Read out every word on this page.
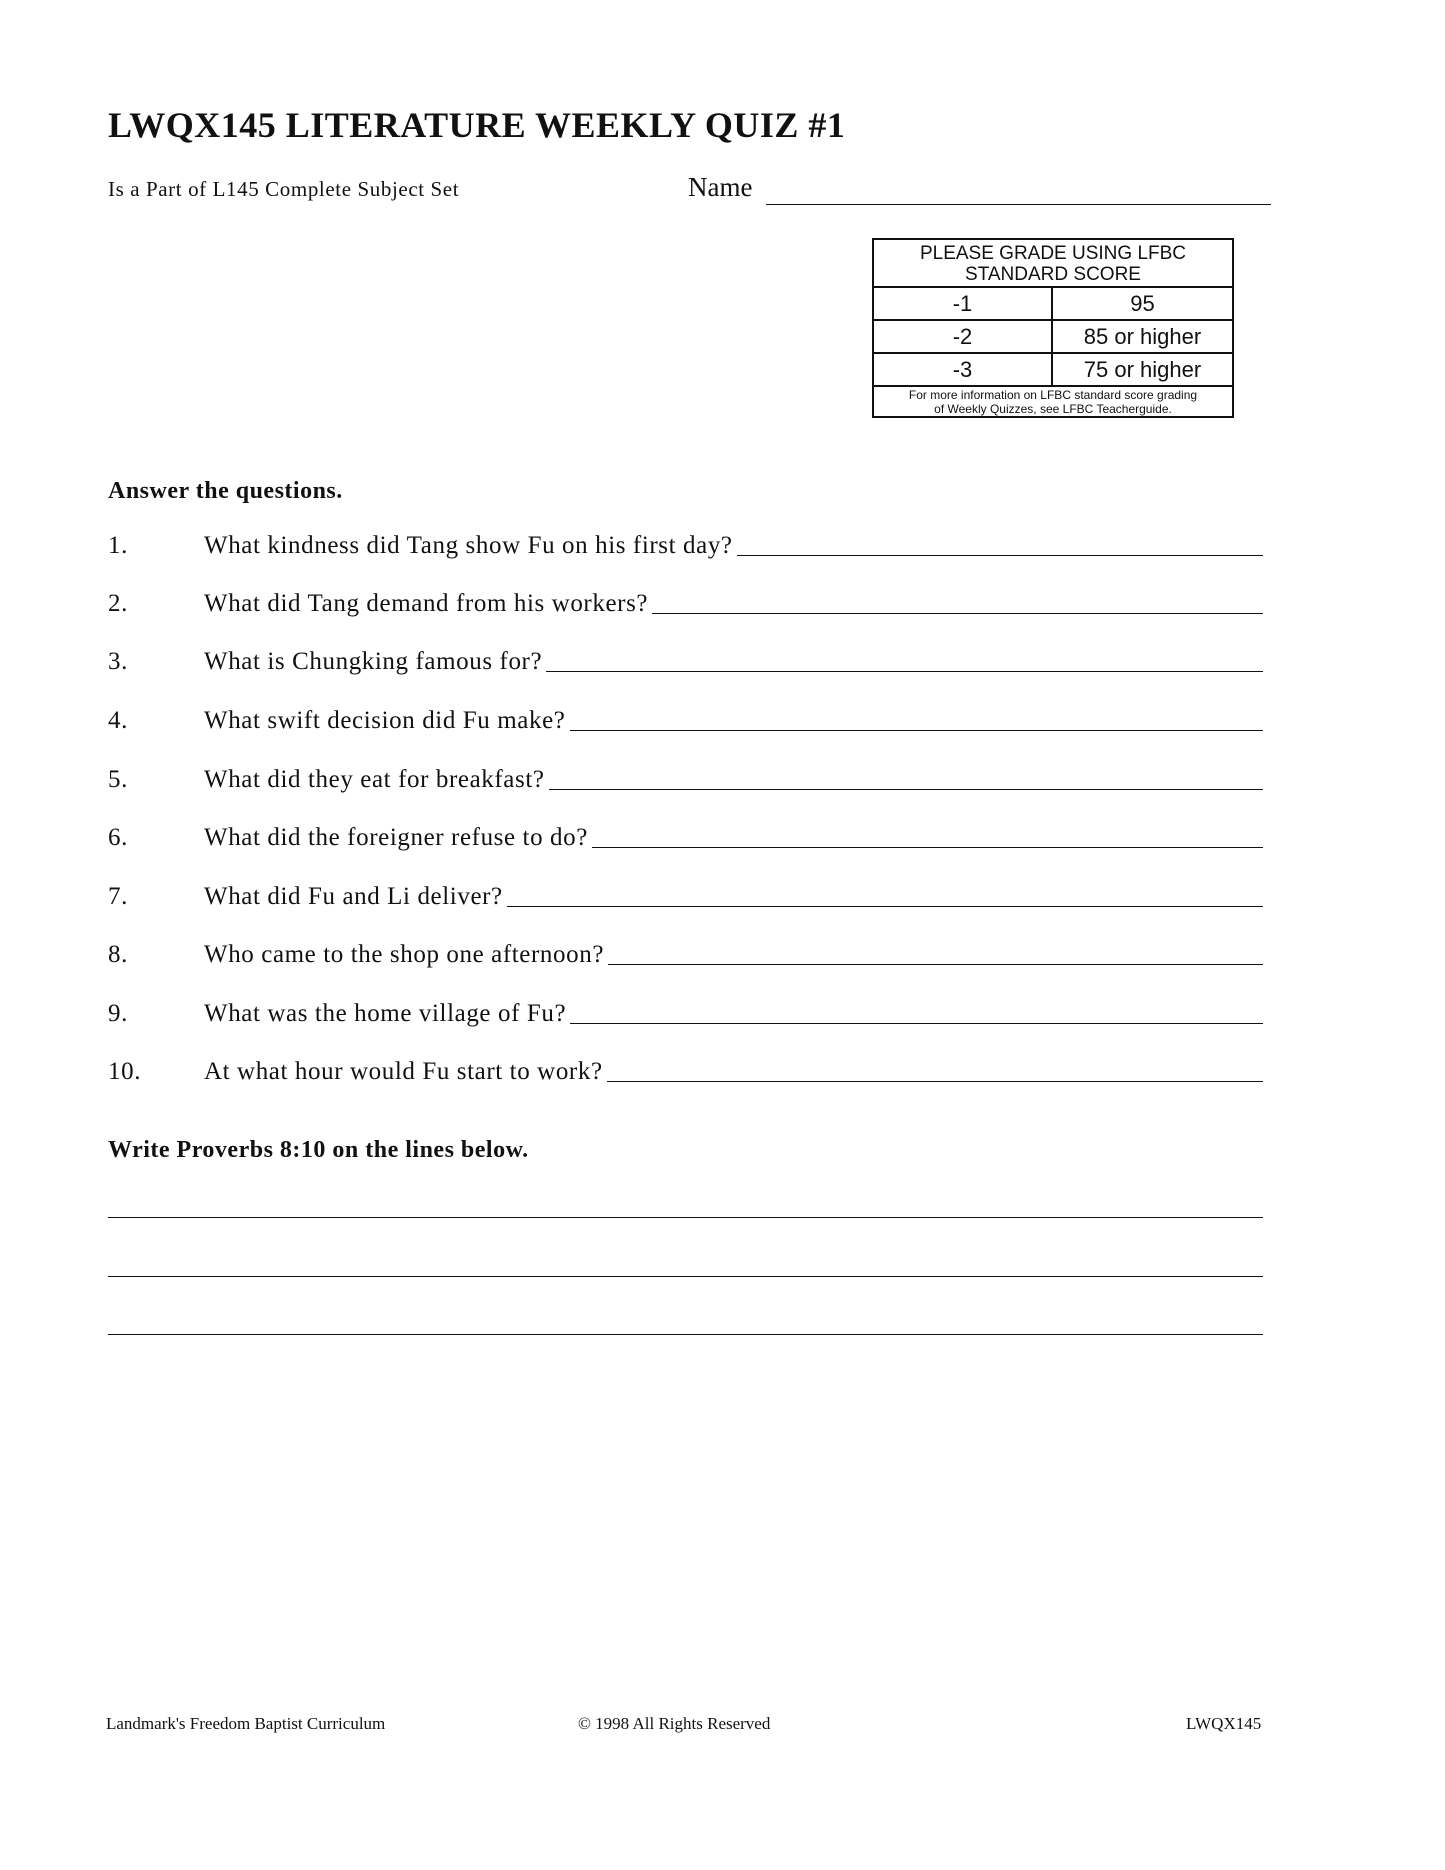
LWQX145 LITERATURE WEEKLY QUIZ #1
Is a Part of L145 Complete Subject Set	Name
PLEASE GRADE USING LFBC
STANDARD SCORE
-1	95
-2	85 or higher
-3	75 or higher
For more information on LFBC standard score grading
of Weekly Quizzes, see LFBC Teacherguide.
Answer the questions.
1.	What kindness did Tang show Fu on his first day?
2.	What did Tang demand from his workers?
3.	What is Chungking famous for?
4.	What swift decision did Fu make?
5.	What did they eat for breakfast?
6.	What did the foreigner refuse to do?
7.	What did Fu and Li deliver?
8.	Who came to the shop one afternoon?
9.	What was the home village of Fu?
10.	At what hour would Fu start to work?
Write Proverbs 8:10 on the lines below.
Landmark's Freedom Baptist Curriculum	© 1998 All Rights Reserved	LWQX145
